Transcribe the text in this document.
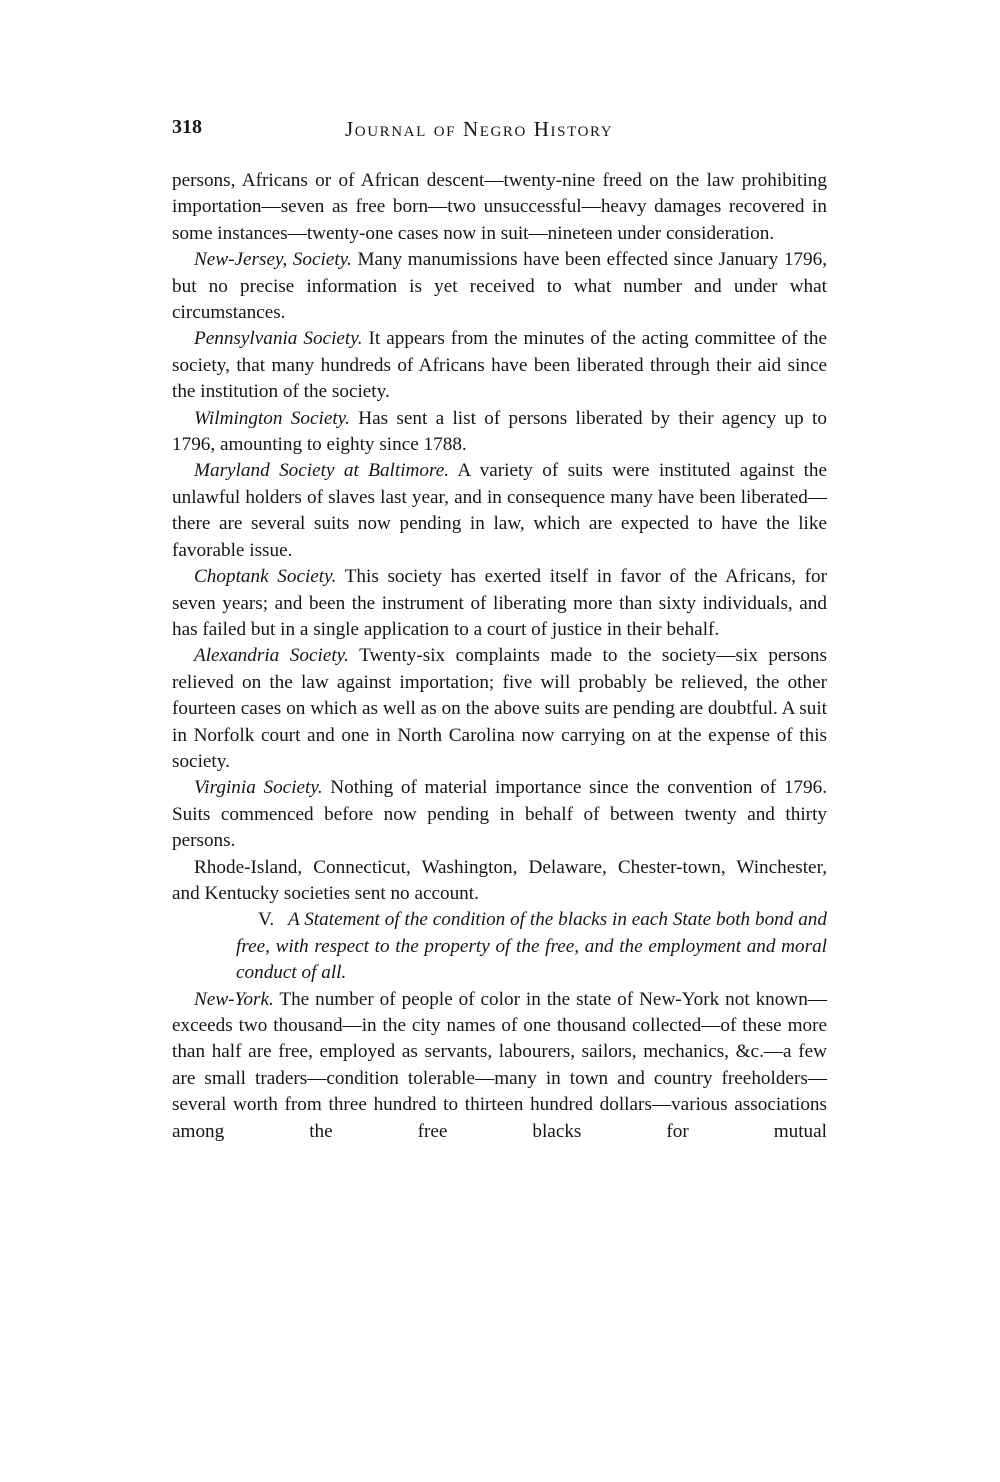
318	Journal of Negro History

persons, Africans or of African descent—twenty-nine freed on the law prohibiting importation—seven as free born—two unsuccessful—heavy damages recovered in some instances—twenty-one cases now in suit—nineteen under consideration.

New-Jersey, Society. Many manumissions have been effected since January 1796, but no precise information is yet received to what number and under what circumstances.

Pennsylvania Society. It appears from the minutes of the acting committee of the society, that many hundreds of Africans have been liberated through their aid since the institution of the society.

Wilmington Society. Has sent a list of persons liberated by their agency up to 1796, amounting to eighty since 1788.

Maryland Society at Baltimore. A variety of suits were instituted against the unlawful holders of slaves last year, and in consequence many have been liberated—there are several suits now pending in law, which are expected to have the like favorable issue.

Choptank Society. This society has exerted itself in favor of the Africans, for seven years; and been the instrument of liberating more than sixty individuals, and has failed but in a single application to a court of justice in their behalf.

Alexandria Society. Twenty-six complaints made to the society—six persons relieved on the law against importation; five will probably be relieved, the other fourteen cases on which as well as on the above suits are pending are doubtful. A suit in Norfolk court and one in North Carolina now carrying on at the expense of this society.

Virginia Society. Nothing of material importance since the convention of 1796. Suits commenced before now pending in behalf of between twenty and thirty persons.

Rhode-Island, Connecticut, Washington, Delaware, Chester-town, Winchester, and Kentucky societies sent no account.

V. A Statement of the condition of the blacks in each State both bond and free, with respect to the property of the free, and the employment and moral conduct of all.

New-York. The number of people of color in the state of New-York not known—exceeds two thousand—in the city names of one thousand collected—of these more than half are free, employed as servants, labourers, sailors, mechanics, &c.—a few are small traders—condition tolerable—many in town and country freeholders—several worth from three hundred to thirteen hundred dollars—various associations among the free blacks for mutual
